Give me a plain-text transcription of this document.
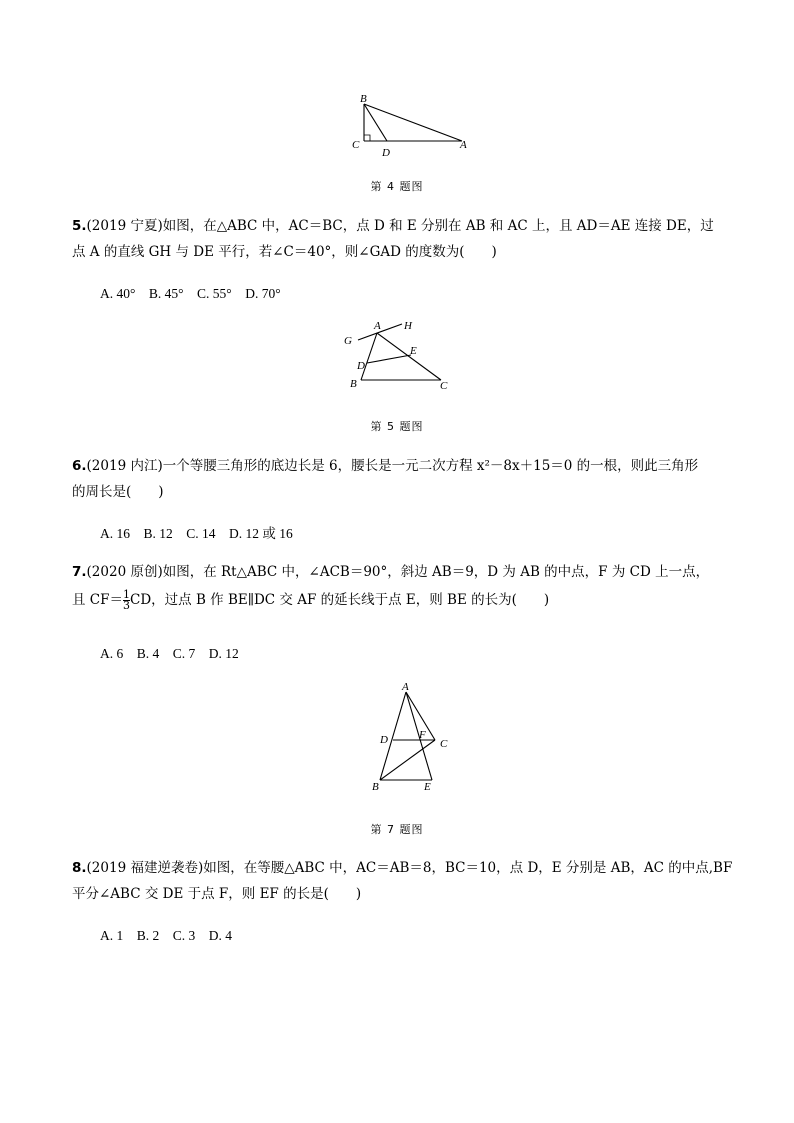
B
C
D
A
第 4 题图
5.(2019 宁夏)如图，在△ABC 中，AC＝BC，点 D 和 E 分别在 AB 和 AC 上，且 AD＝AE 连接 DE，过
点 A 的直线 GH 与 DE 平行，若∠C＝40°，则∠GAD 的度数为(　　)
A. 40°　B. 45°　C. 55°　D. 70°
G
A H
E
D
B	C
第 5 题图
6.(2019 内江)一个等腰三角形的底边长是 6，腰长是一元二次方程 x²－8x＋15＝0 的一根，则此三角形
的周长是(　　)
A. 16　B. 12　C. 14　D. 12 或 16
7.(2020 原创)如图，在 Rt△ABC 中，∠ACB＝90°，斜边 AB＝9，D 为 AB 的中点，F 为 CD 上一点，
且 $CF= \frac{1}{3}$ CD，过点 B 作 BE∥DC 交 AF 的延长线于点 E，则 BE 的长为(　　)
A. 6　B. 4　C. 7　D. 12
A
D	F
C
B	E
第 7 题图
8.(2019 福建逆袭卷)如图，在等腰△ABC 中，AC＝AB＝8，BC＝10，点 D，E 分别是 AB，AC 的中点,BF
平分∠ABC 交 DE 于点 F，则 EF 的长是(　　)
A. 1　B. 2　C. 3　D. 4
